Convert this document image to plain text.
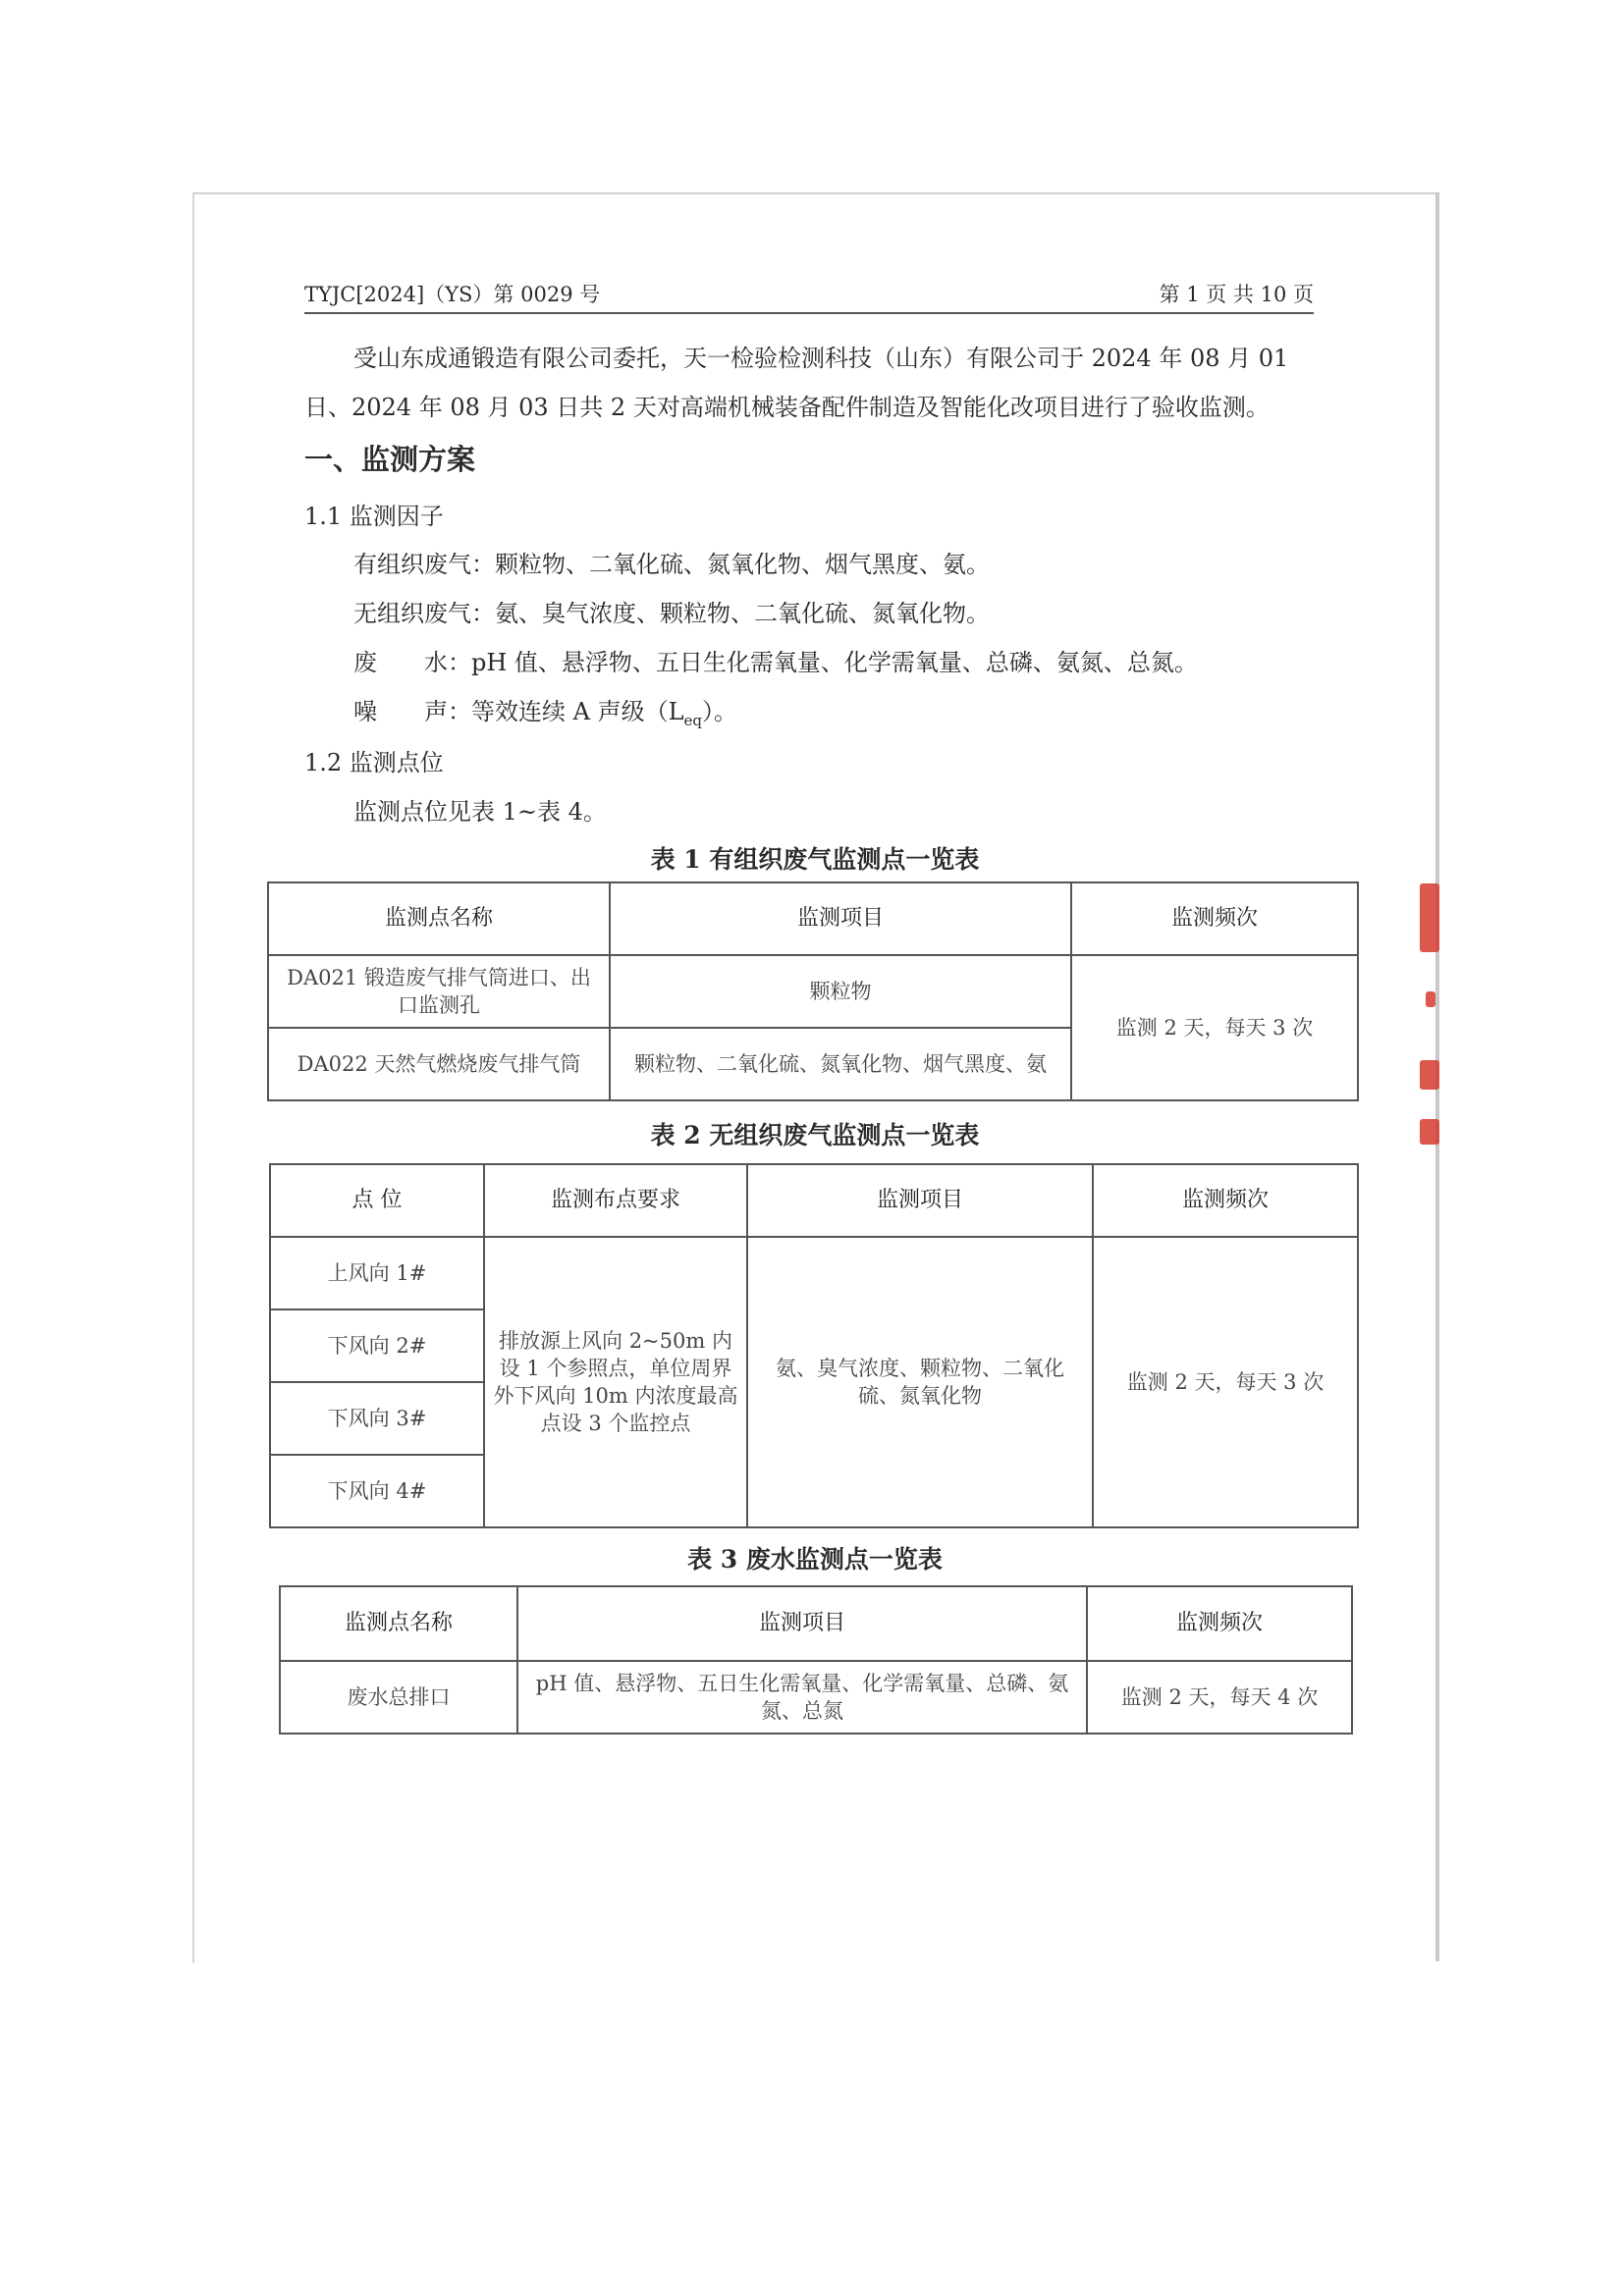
TYJC[2024]（YS）第 0029 号	第 1 页 共 10 页
受山东成通锻造有限公司委托，天一检验检测科技（山东）有限公司于 2024 年 08 月 01 日、2024 年 08 月 03 日共 2 天对高端机械装备配件制造及智能化改项目进行了验收监测。
一、监测方案
1.1 监测因子
有组织废气： 颗粒物、二氧化硫、氮氧化物、烟气黑度、氨。
无组织废气： 氨、臭气浓度、颗粒物、二氧化硫、氮氧化物。
废 水： pH 值、悬浮物、五日生化需氧量、化学需氧量、总磷、氨氮、总氮。
噪 声： 等效连续 A 声级$(L_{eq})$。
1.2 监测点位
监测点位见表 1~表 4。
表 1 有组织废气监测点一览表
监测点名称	监测项目	监测频次
DA021 锻造废气排气筒进口、出口监测孔	颗粒物	监测 2 天，每天 3 次
DA022 天然气燃烧废气排气筒	颗粒物、二氧化硫、氮氧化物、烟气黑度、氨	
表 2 无组织废气监测点一览表
点 位	监测布点要求	监测项目	监测频次
上风向 1#	排放源上风向 2~50m 内设 1 个参照点，单位周界外下风向 10m 内浓度最高点设 3 个监控点	氨、臭气浓度、颗粒物、二氧化硫、氮氧化物	监测 2 天，每天 3 次
下风向 2#			
下风向 3#			
下风向 4#			
表 3 废水监测点一览表
监测点名称	监测项目	监测频次
废水总排口	pH 值、悬浮物、五日生化需氧量、化学需氧量、总磷、氨氮、总氮	监测 2 天，每天 4 次
